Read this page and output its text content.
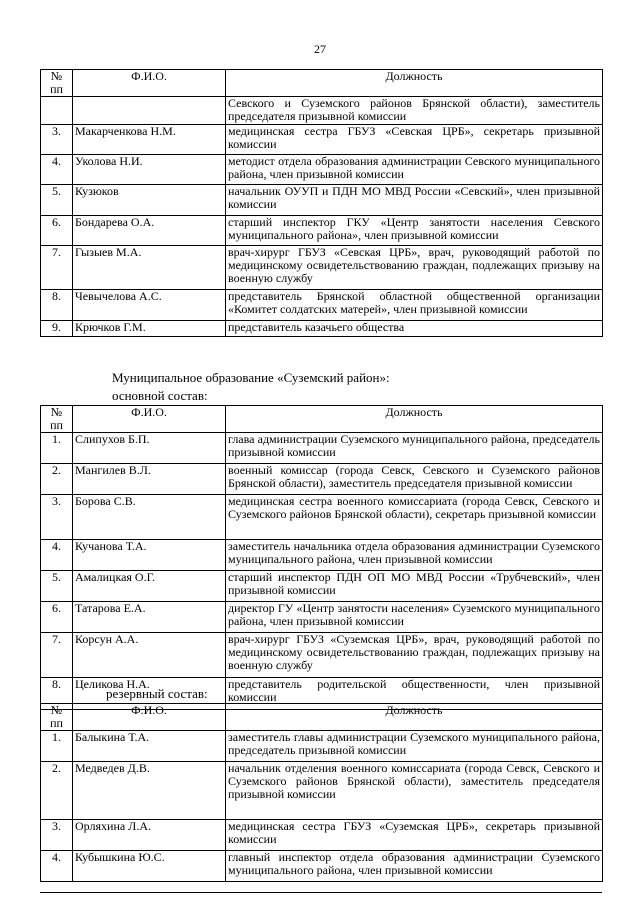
27
№ пп	Ф.И.О.	Должность
		Севского и Суземского районов Брянской области), заместитель председателя призывной комиссии
3.	Макарченкова Н.М.	медицинская сестра ГБУЗ «Севская ЦРБ», секретарь призывной комиссии
4.	Уколова Н.И.	методист отдела образования администрации Севского муниципального района, член призывной комиссии
5.	Кузюков	начальник ОУУП и ПДН МО МВД России «Севский», член призывной комиссии
6.	Бондарева О.А.	старший инспектор ГКУ «Центр занятости населения Севского муниципального района», член призывной комиссии
7.	Гызыев М.А.	врач-хирург ГБУЗ «Севская ЦРБ», врач, руководящий работой по медицинскому освидетельствованию граждан, подлежащих призыву на военную службу
8.	Чевычелова А.С.	представитель Брянской областной общественной организации «Комитет солдатских матерей», член призывной комиссии
9.	Крючков Г.М.	представитель казачьего общества
Муниципальное образование «Суземский район»:
основной состав:
№ пп	Ф.И.О.	Должность
1.	Слипухов Б.П.	глава администрации Суземского муниципального района, председатель призывной комиссии
2.	Мангилев В.Л.	военный комиссар (города Севск, Севского и Суземского районов Брянской области), заместитель председателя призывной комиссии
3.	Борова С.В.	медицинская сестра военного комиссариата (города Севск, Севского и Суземского районов Брянской области), секретарь призывной комиссии
4.	Кучанова Т.А.	заместитель начальника отдела образования администрации Суземского муниципального района, член призывной комиссии
5.	Амалицкая О.Г.	старший инспектор ПДН ОП МО МВД России «Трубчевский», член призывной комиссии
6.	Татарова Е.А.	директор ГУ «Центр занятости населения» Суземского муниципального района, член призывной комиссии
7.	Корсун А.А.	врач-хирург ГБУЗ «Суземская ЦРБ», врач, руководящий работой по медицинскому освидетельствованию граждан, подлежащих призыву на военную службу
8.	Целикова Н.А.	представитель родительской общественности, член призывной комиссии
резервный состав:
№ пп	Ф.И.О.	Должность
1.	Балыкина Т.А.	заместитель главы администрации Суземского муниципального района, председатель призывной комиссии
2.	Медведев Д.В.	начальник отделения военного комиссариата (города Севск, Севского и Суземского районов Брянской области), заместитель председателя призывной комиссии
3.	Орляхина Л.А.	медицинская сестра ГБУЗ «Суземская ЦРБ», секретарь призывной комиссии
4.	Кубышкина Ю.С.	главный инспектор отдела образования администрации Суземского муниципального района, член призывной комиссии
